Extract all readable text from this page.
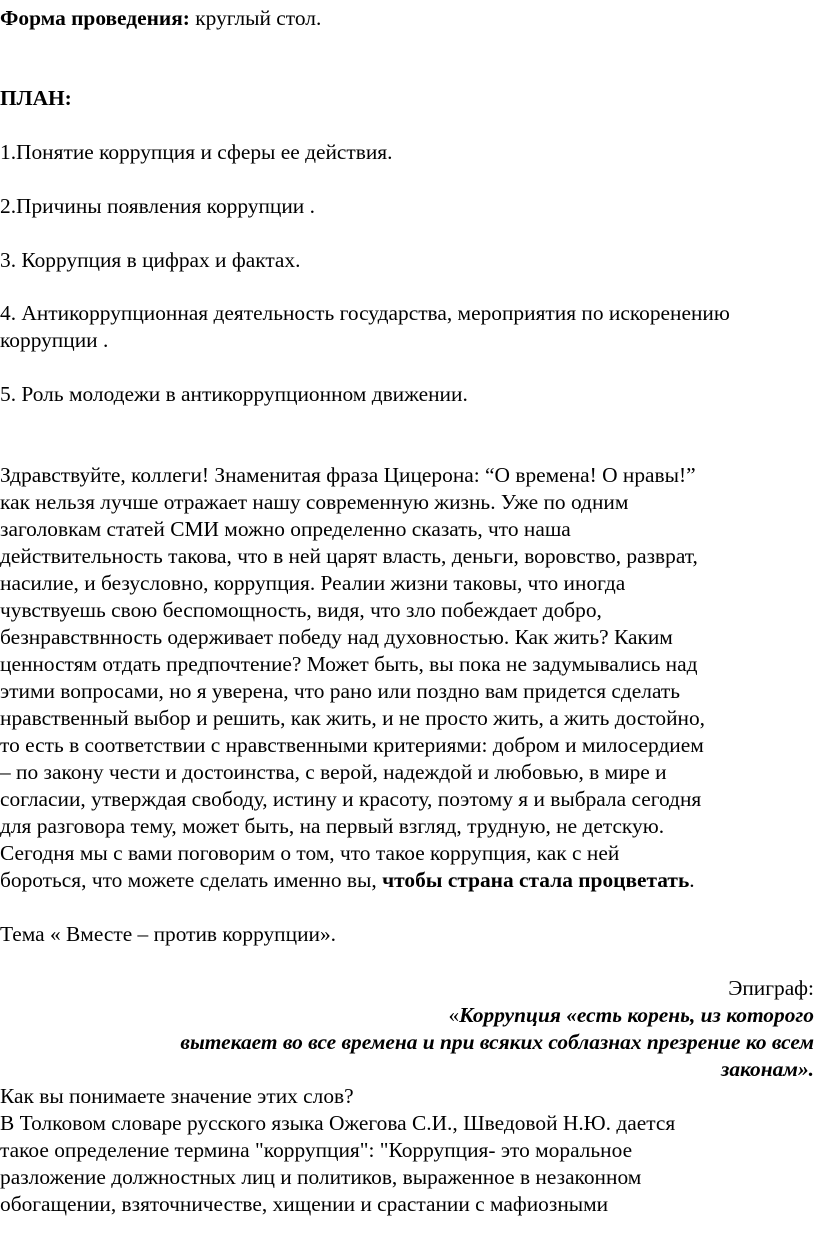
Форма проведения: круглый стол.
ПЛАН:
1.Понятие коррупция и сферы ее действия.
2.Причины появления коррупции .
3. Коррупция в цифрах и фактах.
4. Антикоррупционная деятельность государства, мероприятия по искоренению
коррупции .
5. Роль молодежи в антикоррупционном движении.
Здравствуйте, коллеги! Знаменитая фраза Цицерона: “О времена! О нравы!”
как нельзя лучше отражает нашу современную жизнь. Уже по одним
заголовкам статей СМИ можно определенно сказать, что наша
действительность такова, что в ней царят власть, деньги, воровство, разврат,
насилие, и безусловно, коррупция. Реалии жизни таковы, что иногда
чувствуешь свою беспомощность, видя, что зло побеждает добро,
безнравствнность одерживает победу над духовностью. Как жить? Каким
ценностям отдать предпочтение? Может быть, вы пока не задумывались над
этими вопросами, но я уверена, что рано или поздно вам придется сделать
нравственный выбор и решить, как жить, и не просто жить, а жить достойно,
то есть в соответствии с нравственными критериями: добром и милосердием
– по закону чести и достоинства, с верой, надеждой и любовью, в мире и
согласии, утверждая свободу, истину и красоту, поэтому я и выбрала сегодня
для разговора тему, может быть, на первый взгляд, трудную, не детскую.
Сегодня мы с вами поговорим о том, что такое коррупция, как с ней
бороться, что можете сделать именно вы, чтобы страна стала процветать.
Тема « Вместе – против коррупции».
Эпиграф:
«Коррупция «есть корень, из которого
вытекает во все времена и при всяких соблазнах презрение ко всем
законам».
Как вы понимаете значение этих слов?
В Толковом словаре русского языка Ожегова С.И., Шведовой Н.Ю. дается
такое определение термина "коррупция": "Коррупция- это моральное
разложение должностных лиц и политиков, выраженное в незаконном
обогащении, взяточничестве, хищении и срастании с мафиозными
